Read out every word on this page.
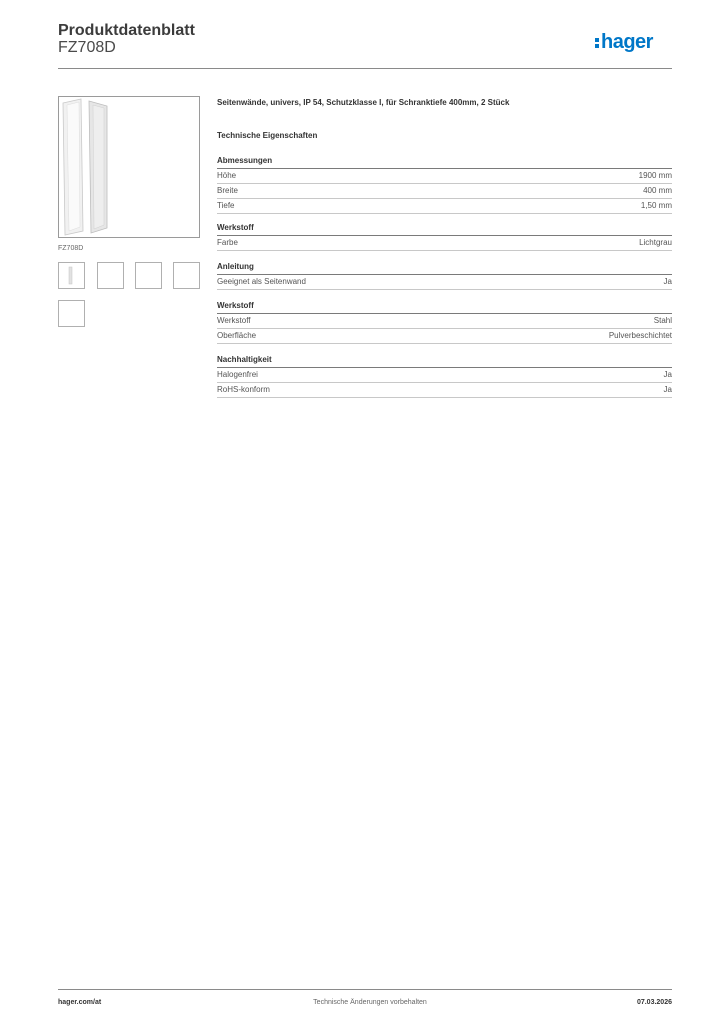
Produktdatenblatt
FZ708D	hager
FZ708D
Seitenwände, univers, IP 54, Schutzklasse I, für Schranktiefe 400mm, 2 Stück
Technische Eigenschaften
Abmessungen
Höhe	1900 mm
Breite	400 mm
Tiefe	1,50 mm
Werkstoff
Farbe	Lichtgrau
Anleitung
Geeignet als Seitenwand	Ja
Werkstoff
Werkstoff	Stahl
Oberfläche	Pulverbeschichtet
Nachhaltigkeit
Halogenfrei	Ja
RoHS-konform	Ja
hager.com/at	Technische Änderungen vorbehalten	07.03.2026
